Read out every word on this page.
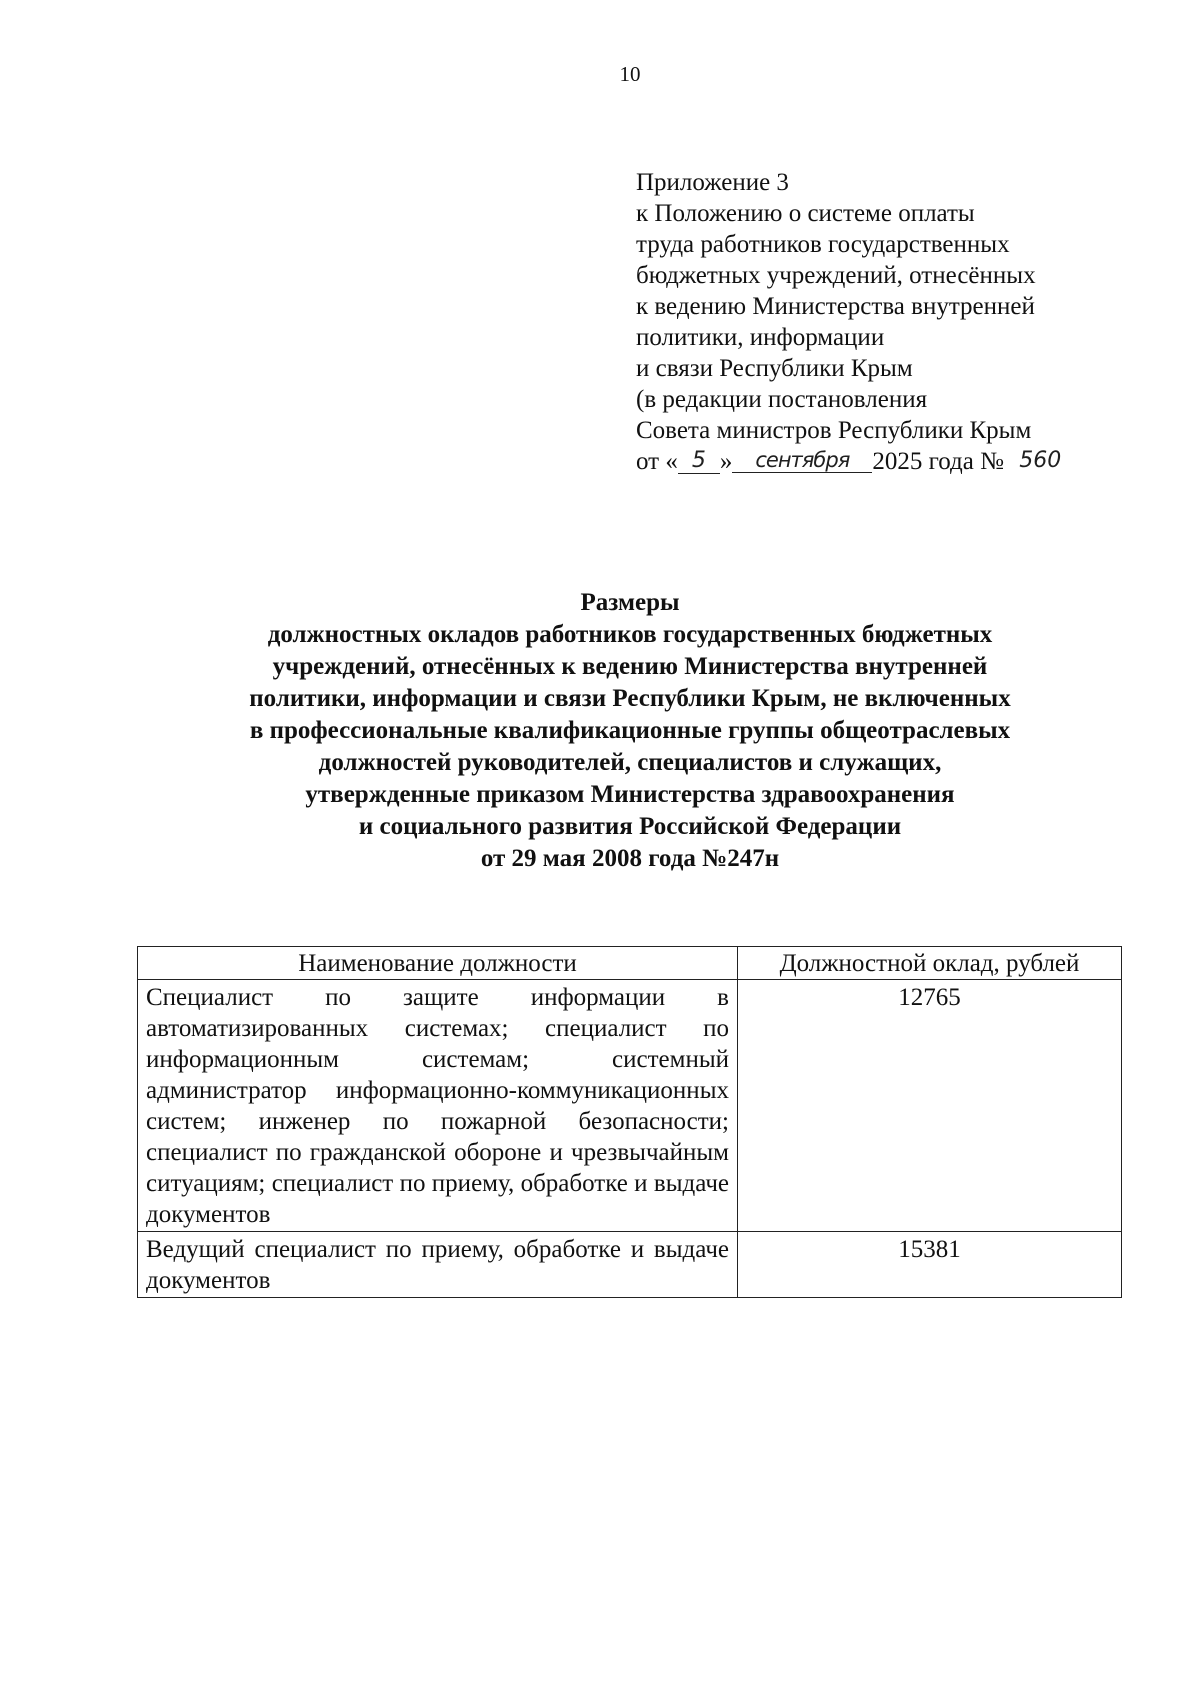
10
Приложение 3
к Положению о системе оплаты
труда работников государственных
бюджетных учреждений, отнесённых
к ведению Министерства внутренней
политики, информации
и связи Республики Крым
(в редакции постановления
Совета министров Республики Крым
от « 5 » сентября 2025 года № 560
Размеры
должностных окладов работников государственных бюджетных
учреждений, отнесённых к ведению Министерства внутренней
политики, информации и связи Республики Крым, не включенных
в профессиональные квалификационные группы общеотраслевых
должностей руководителей, специалистов и служащих,
утвержденные приказом Министерства здравоохранения
и социального развития Российской Федерации
от 29 мая 2008 года №247н
Наименование должности	Должностной оклад, рублей
Специалист по защите информации в автоматизированных системах; специалист по информационным системам; системный администратор информационно-коммуникационных систем; инженер по пожарной безопасности; специалист по гражданской обороне и чрезвычайным ситуациям; специалист по приему, обработке и выдаче документов	12765
Ведущий специалист по приему, обработке и выдаче документов	15381
